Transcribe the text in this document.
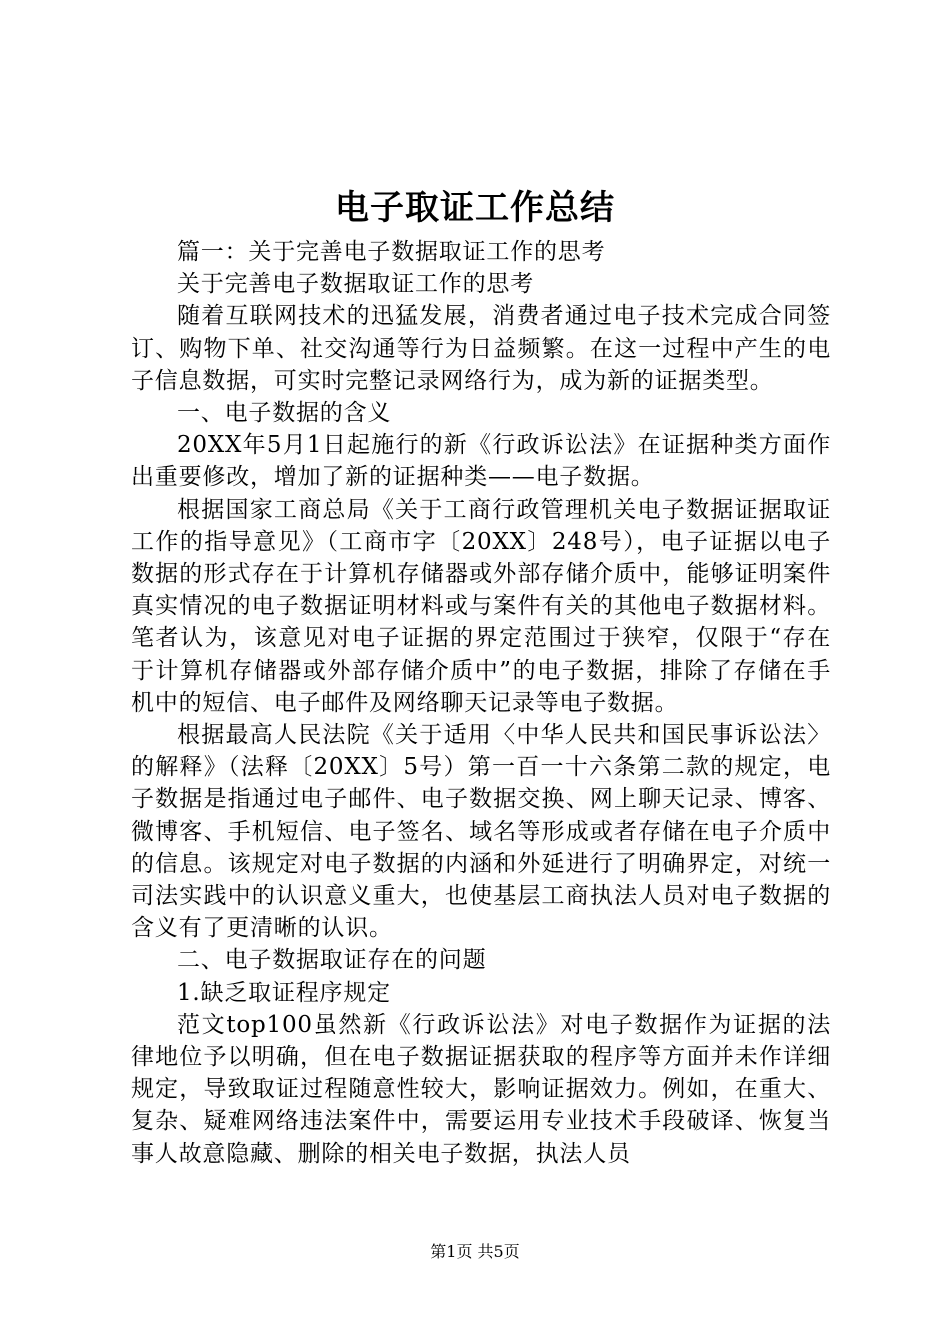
电子取证工作总结

篇一：关于完善电子数据取证工作的思考

关于完善电子数据取证工作的思考

随着互联网技术的迅猛发展，消费者通过电子技术完成合同签订、购物下单、社交沟通等行为日益频繁。在这一过程中产生的电子信息数据，可实时完整记录网络行为，成为新的证据类型。

一、电子数据的含义

20XX年5月1日起施行的新《行政诉讼法》在证据种类方面作出重要修改，增加了新的证据种类——电子数据。

根据国家工商总局《关于工商行政管理机关电子数据证据取证工作的指导意见》（工商市字〔20XX〕248号），电子证据以电子数据的形式存在于计算机存储器或外部存储介质中，能够证明案件真实情况的电子数据证明材料或与案件有关的其他电子数据材料。笔者认为，该意见对电子证据的界定范围过于狭窄，仅限于“存在于计算机存储器或外部存储介质中”的电子数据，排除了存储在手机中的短信、电子邮件及网络聊天记录等电子数据。

根据最高人民法院《关于适用〈中华人民共和国民事诉讼法〉的解释》（法释〔20XX〕5号）第一百一十六条第二款的规定，电子数据是指通过电子邮件、电子数据交换、网上聊天记录、博客、微博客、手机短信、电子签名、域名等形成或者存储在电子介质中的信息。该规定对电子数据的内涵和外延进行了明确界定，对统一司法实践中的认识意义重大，也使基层工商执法人员对电子数据的含义有了更清晰的认识。

二、电子数据取证存在的问题

1.缺乏取证程序规定

范文top100虽然新《行政诉讼法》对电子数据作为证据的法律地位予以明确，但在电子数据证据获取的程序等方面并未作详细规定，导致取证过程随意性较大，影响证据效力。例如，在重大、复杂、疑难网络违法案件中，需要运用专业技术手段破译、恢复当事人故意隐藏、删除的相关电子数据，执法人员

第1页 共5页
